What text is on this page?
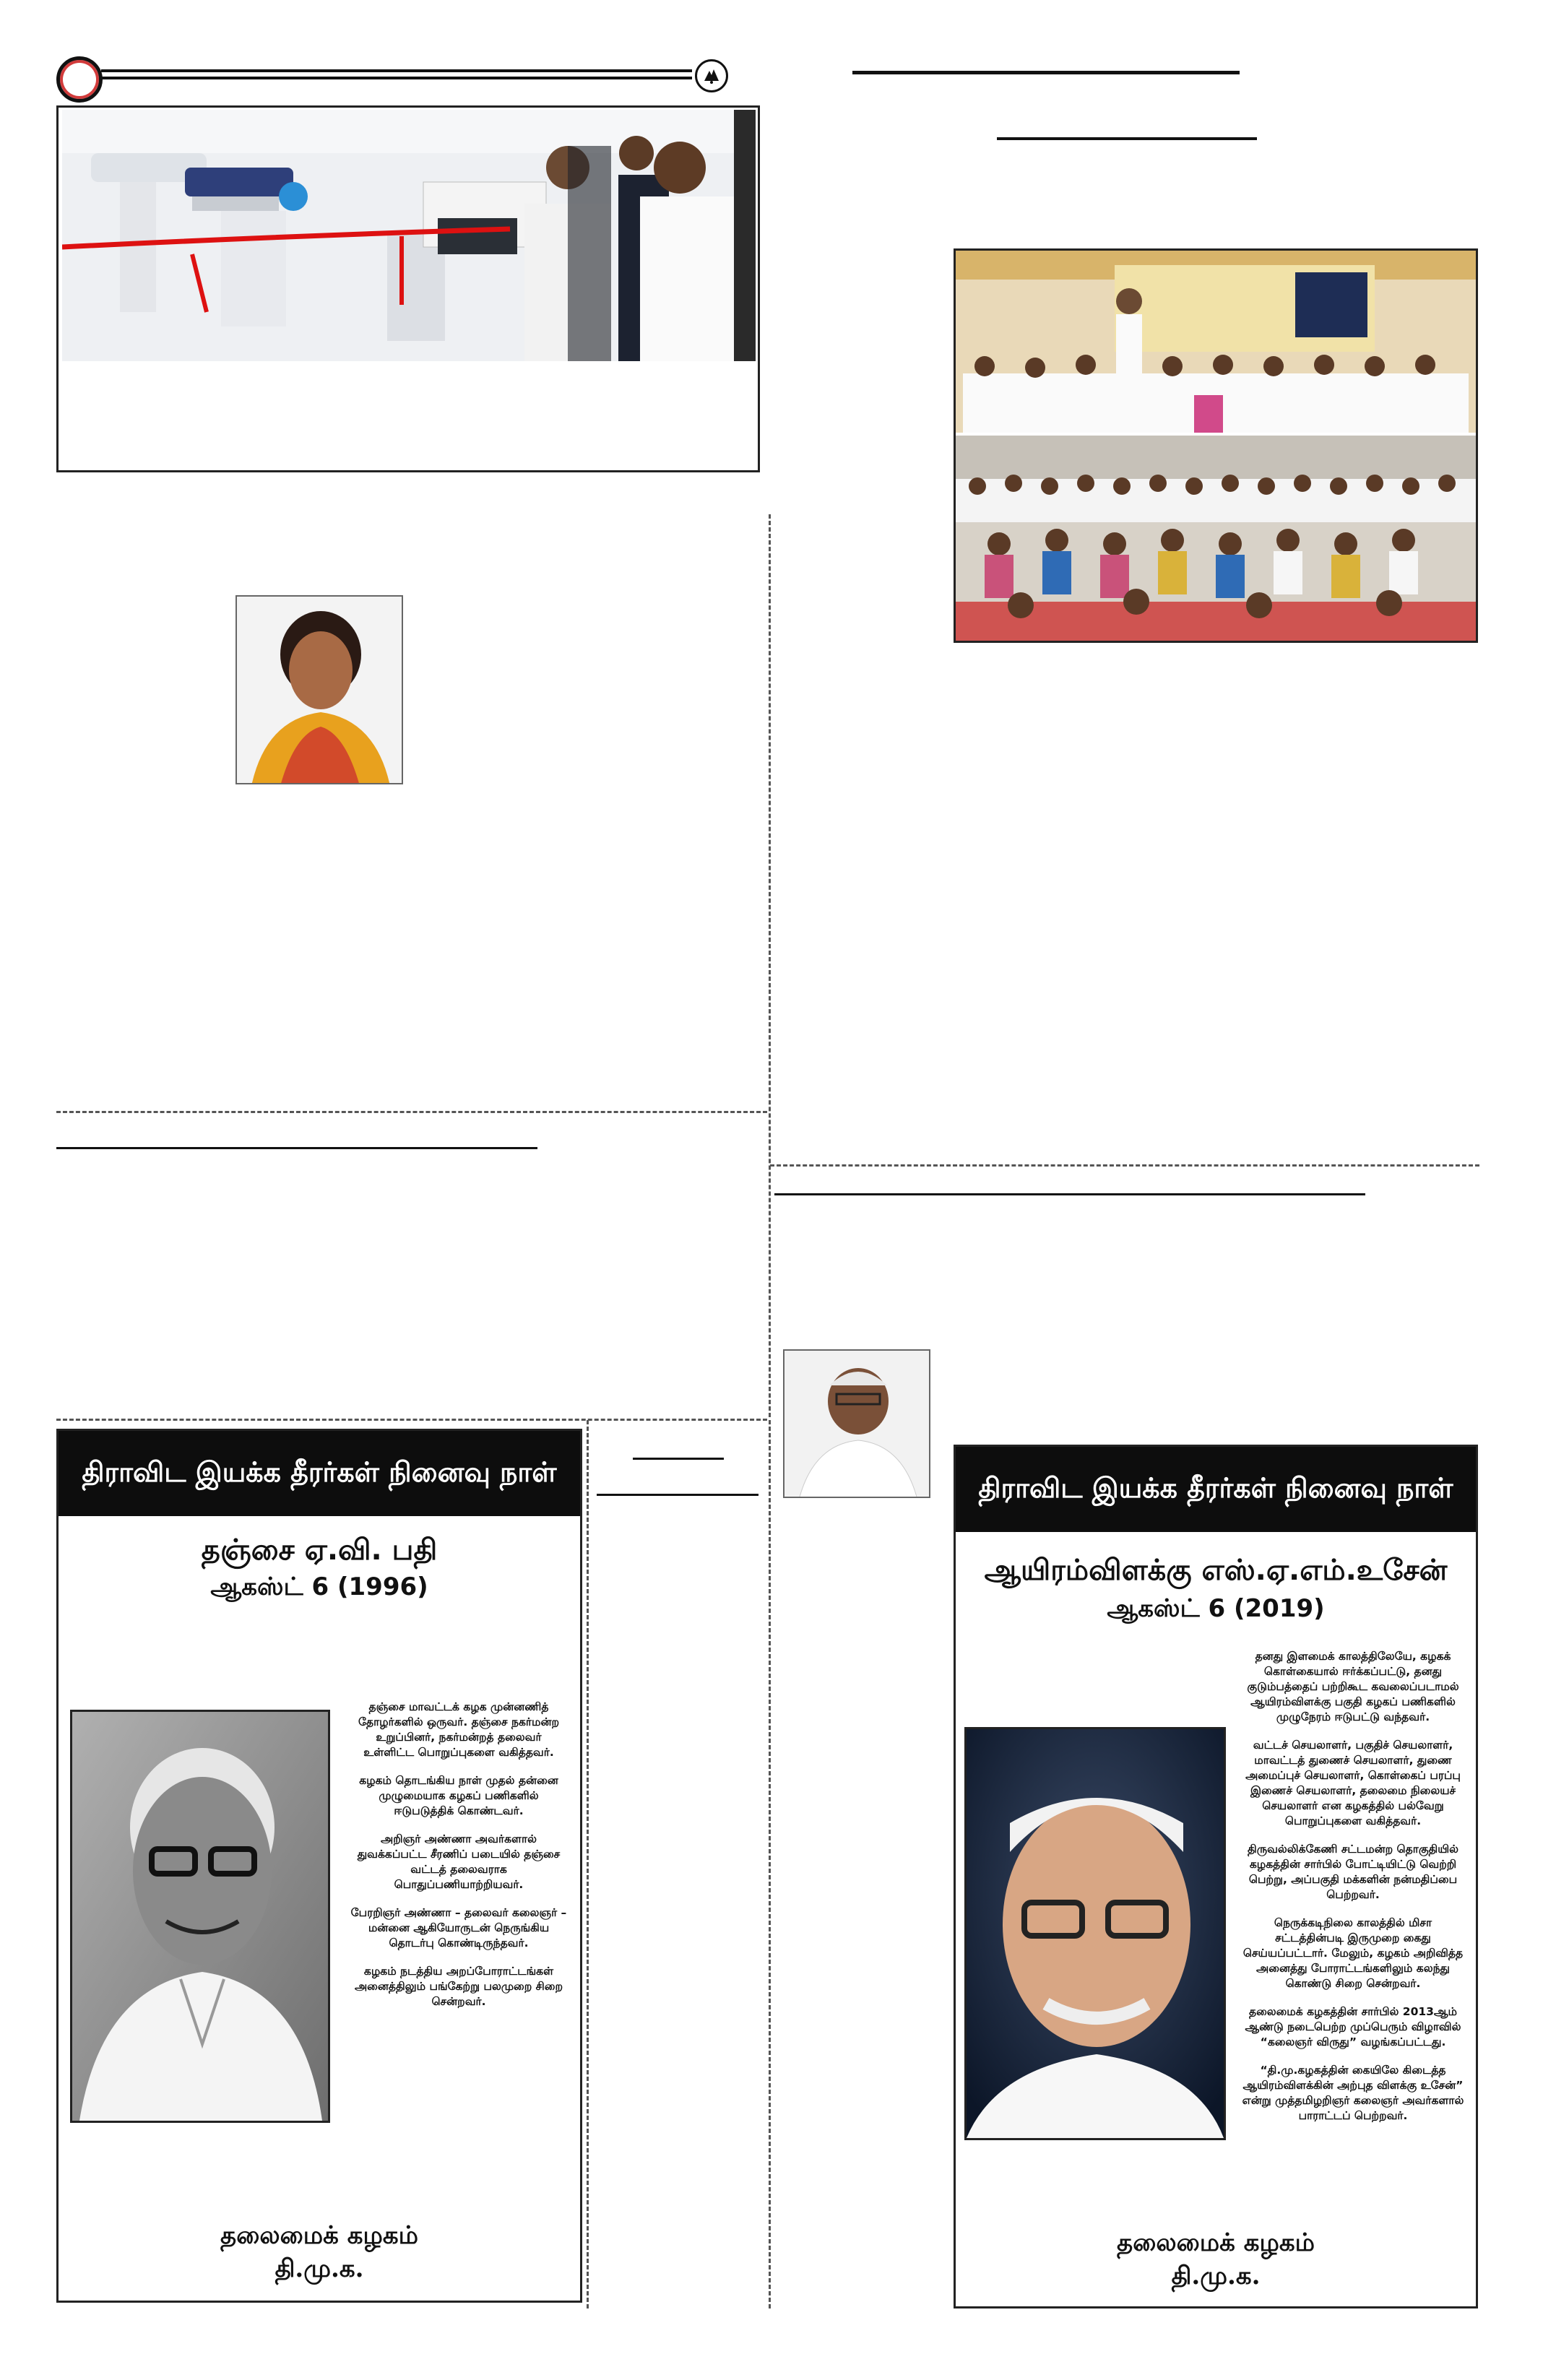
திராவிட இயக்க தீரர்கள் நினைவு நாள்
தஞ்சை ஏ.வி. பதி
ஆகஸ்ட் 6 (1996)

தஞ்சை மாவட்டக் கழக முன்னணித் தோழர்களில் ஒருவர். தஞ்சை நகர்மன்ற உறுப்பினர், நகர்மன்றத் தலைவர் உள்ளிட்ட பொறுப்புகளை வகித்தவர்.

கழகம் தொடங்கிய நாள் முதல் தன்னை முழுமையாக கழகப் பணிகளில் ஈடுபடுத்திக் கொண்டவர்.

அறிஞர் அண்ணா அவர்களால் துவக்கப்பட்ட சீரணிப் படையில் தஞ்சை வட்டத் தலைவராக பொதுப்பணியாற்றியவர்.

பேரறிஞர் அண்ணா – தலைவர் கலைஞர் – மன்னை ஆகியோருடன் நெருங்கிய தொடர்பு கொண்டிருந்தவர்.

கழகம் நடத்திய அறப்போராட்டங்கள் அனைத்திலும் பங்கேற்று பலமுறை சிறை சென்றவர்.

தலைமைக் கழகம்
தி.மு.க.
திராவிட இயக்க தீரர்கள் நினைவு நாள்
ஆயிரம்விளக்கு எஸ்.ஏ.எம்.உசேன்
ஆகஸ்ட் 6 (2019)

தனது இளமைக் காலத்திலேயே, கழகக் கொள்கையால் ஈர்க்கப்பட்டு, தனது குடும்பத்தைப் பற்றிகூட கவலைப்படாமல் ஆயிரம்விளக்கு பகுதி கழகப் பணிகளில் முழுநேரம் ஈடுபட்டு வந்தவர்.

வட்டச் செயலாளர், பகுதிச் செயலாளர், மாவட்டத் துணைச் செயலாளர், துணை அமைப்புச் செயலாளர், கொள்கைப் பரப்பு இணைச் செயலாளர், தலைமை நிலையச் செயலாளர் என கழகத்தில் பல்வேறு பொறுப்புகளை வகித்தவர்.

திருவல்லிக்கேணி சட்டமன்ற தொகுதியில் கழகத்தின் சார்பில் போட்டியிட்டு வெற்றி பெற்று, அப்பகுதி மக்களின் நன்மதிப்பை பெற்றவர்.

நெருக்கடிநிலை காலத்தில் மிசா சட்டத்தின்படி இருமுறை கைது செய்யப்பட்டார். மேலும், கழகம் அறிவித்த அனைத்து போராட்டங்களிலும் கலந்து கொண்டு சிறை சென்றவர்.

தலைமைக் கழகத்தின் சார்பில் 2013ஆம் ஆண்டு நடைபெற்ற முப்பெரும் விழாவில் “கலைஞர் விருது” வழங்கப்பட்டது.

“தி.மு.கழகத்தின் கையிலே கிடைத்த ஆயிரம்விளக்கின் அற்புத விளக்கு உசேன்” என்று முத்தமிழறிஞர் கலைஞர் அவர்களால் பாராட்டப் பெற்றவர்.

தலைமைக் கழகம்
தி.மு.க.
